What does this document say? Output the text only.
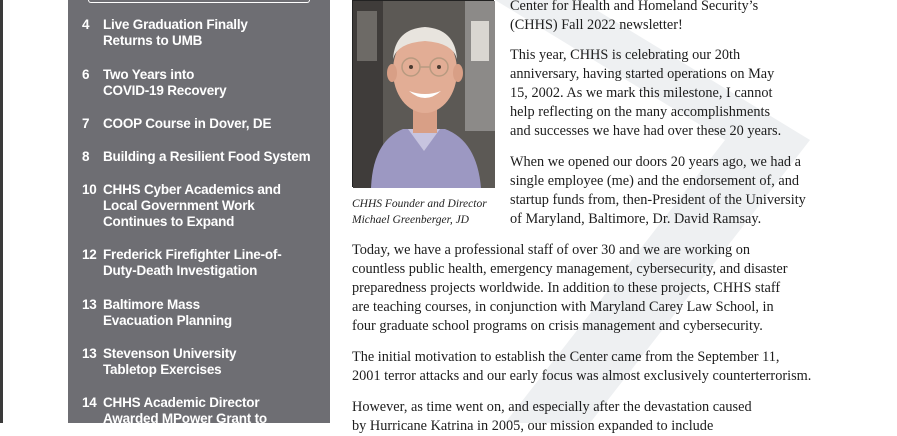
4	Live Graduation Finally
Returns to UMB
6	Two Years into
COVID-19 Recovery
7	COOP Course in Dover, DE
8	Building a Resilient Food System
10 CHHS Cyber Academics and
Local Government Work
Continues to Expand
12 Frederick Firefighter Line-of-
Duty-Death Investigation
13 Baltimore Mass
Evacuation Planning
13 Stevenson University
Tabletop Exercises
14 CHHS Academic Director
Awarded MPower Grant to
CHHS Founder and Director
Michael Greenberger, JD
Center for Health and Homeland Security’s
(CHHS) Fall 2022 newsletter!
This year, CHHS is celebrating our 20th
anniversary, having started operations on May
15, 2002. As we mark this milestone, I cannot
help reflecting on the many accomplishments
and successes we have had over these 20 years.
When we opened our doors 20 years ago, we had a
single employee (me) and the endorsement of, and
startup funds from, then-President of the University
of Maryland, Baltimore, Dr. David Ramsay.
Today, we have a professional staff of over 30 and we are working on
countless public health, emergency management, cybersecurity, and disaster
preparedness projects worldwide. In addition to these projects, CHHS staff
are teaching courses, in conjunction with Maryland Carey Law School, in
four graduate school programs on crisis management and cybersecurity.
The initial motivation to establish the Center came from the September 11,
2001 terror attacks and our early focus was almost exclusively counterterrorism.
However, as time went on, and especially after the devastation caused
by Hurricane Katrina in 2005, our mission expanded to include
